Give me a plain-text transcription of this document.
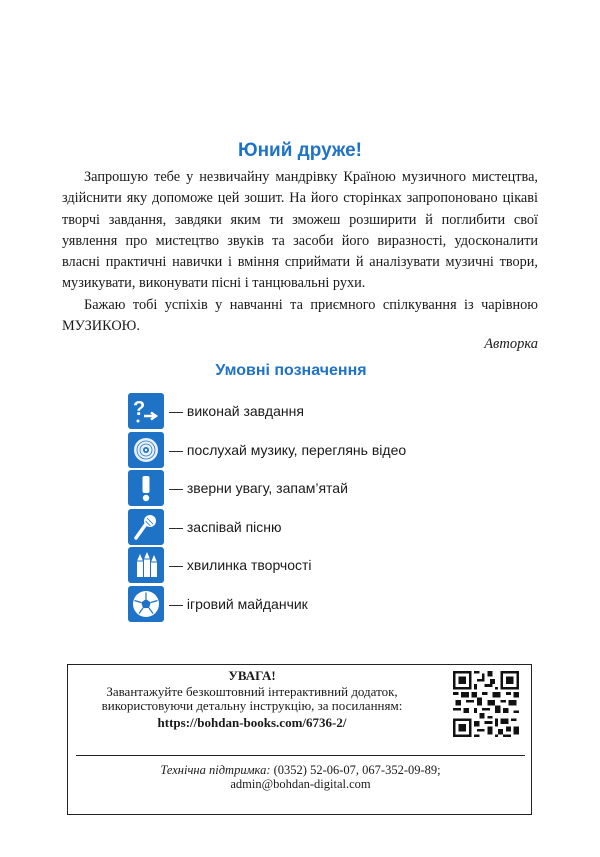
Юний друже!

Запрошую тебе у незвичайну мандрівку Країною музичного мистецтва, здійснити яку допоможе цей зошит. На його сторінках запропоновано цікаві творчі завдання, завдяки яким ти зможеш розширити й поглибити свої уявлення про мистецтво звуків та засоби його виразності, удосконалити власні практичні навички і вміння сприймати й аналізувати музичні твори, музикувати, виконувати пісні і танцювальні рухи.

Бажаю тобі успіхів у навчанні та приємного спілкування із чарівною МУЗИКОЮ.

Авторка

Умовні позначення
? — виконай завдання
— послухай музику, переглянь відео
— зверни увагу, запам’ятай
— заспівай пісню
— хвилинка творчості
— ігровий майданчик

УВАГА!

Завантажуйте безкоштовний інтерактивний додаток,
використовуючи детальну інструкцію, за посиланням:

https://bohdan-books.com/6736-2/

Технічна підтримка: (0352) 52-06-07, 067-352-09-89;
admin@bohdan-digital.com
